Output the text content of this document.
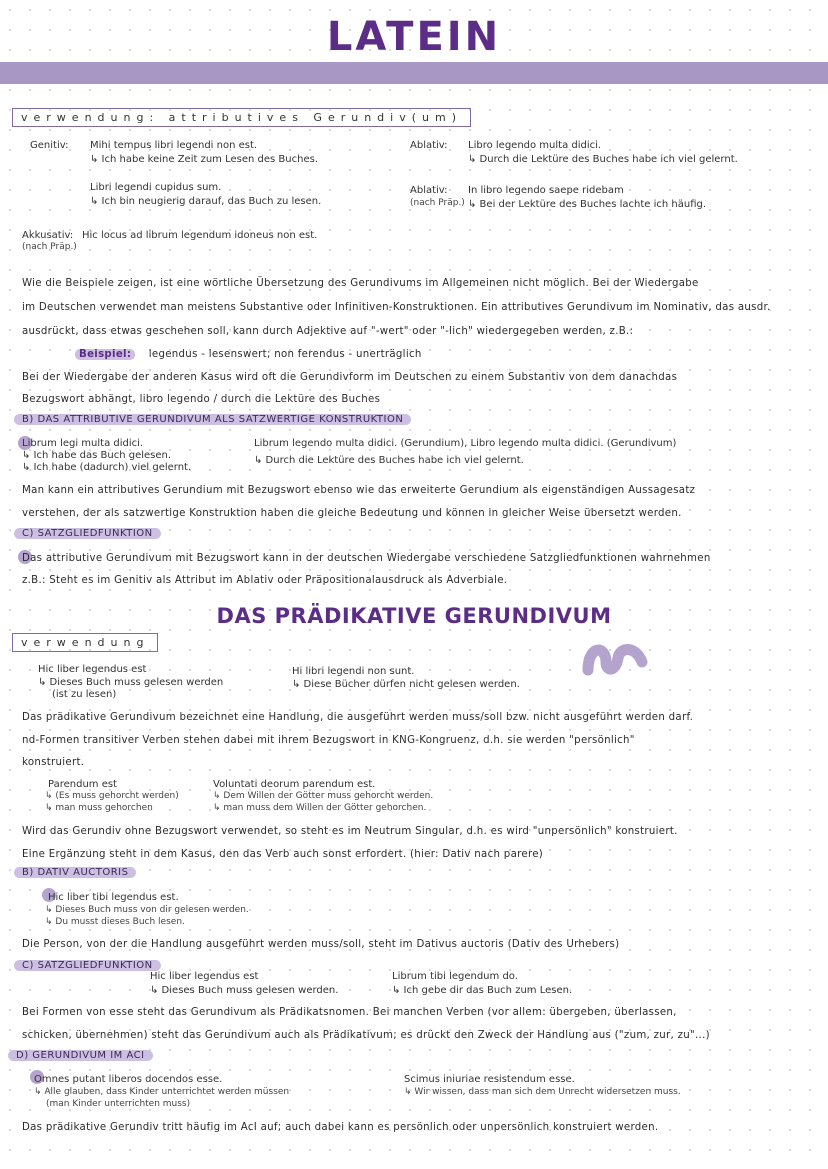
LATEIN
verwendung: attributives Gerundiv(um)
Genitiv: Mihi tempus libri legendi non est.
↳ Ich habe keine Zeit zum Lesen des Buches.
Libri legendi cupidus sum.
↳ Ich bin neugierig darauf, das Buch zu lesen.
Ablativ: Libro legendo multa didici.
↳ Durch die Lektüre des Buches habe ich viel gelernt.
Ablativ:
(nach Präp.)
In libro legendo saepe ridebam
↳ Bei der Lektüre des Buches lachte ich häufig.
Akkusativ:
(nach Präp.)
Hic locus ad librum legendum idoneus non est.
Wie die Beispiele zeigen, ist eine wörtliche Übersetzung des Gerundivums im Allgemeinen nicht möglich. Bei der Wiedergabe
im Deutschen verwendet man meistens Substantive oder Infinitiven-Konstruktionen. Ein attributives Gerundivum im Nominativ, das ausdr.
ausdrückt, dass etwas geschehen soll, kann durch Adjektive auf "-wert" oder "-lich" wiedergegeben werden, z.B.:
Beispiel: legendus - lesenswert; non ferendus - unerträglich
Bei der Wiedergabe der anderen Kasus wird oft die Gerundivform im Deutschen zu einem Substantiv von dem danachdas
Bezugswort abhängt, libro legendo / durch die Lektüre des Buches
B) DAS ATTRIBUTIVE GERUNDIVUM ALS SATZWERTIGE KONSTRUKTION
Librum legi multa didici.
↳ Ich habe das Buch gelesen.
↳ Ich habe (dadurch) viel gelernt.
Librum legendo multa didici. (Gerundium), Libro legendo multa didici. (Gerundivum)
↳ Durch die Lektüre des Buches habe ich viel gelernt.
Man kann ein attributives Gerundium mit Bezugswort ebenso wie das erweiterte Gerundium als eigenständigen Aussagesatz
verstehen, der als satzwertige Konstruktion haben die gleiche Bedeutung und können in gleicher Weise übersetzt werden.
C) SATZGLIEDFUNKTION
Das attributive Gerundivum mit Bezugswort kann in der deutschen Wiedergabe verschiedene Satzgliedfunktionen wahrnehmen
z.B.: Steht es im Genitiv als Attribut im Ablativ oder Präpositionalausdruck als Adverbiale.
DAS PRÄDIKATIVE GERUNDIVUM
verwendung
Hic liber legendus est
↳ Dieses Buch muss gelesen werden
(ist zu lesen)
Hi libri legendi non sunt.
↳ Diese Bücher dürfen nicht gelesen werden.
Das prädikative Gerundivum bezeichnet eine Handlung, die ausgeführt werden muss/soll bzw. nicht ausgeführt werden darf.
nd-Formen transitiver Verben stehen dabei mit ihrem Bezugswort in KNG-Kongruenz, d.h. sie werden "persönlich"
konstruiert.
Parendum est
↳ (Es muss gehorcht werden)
↳ man muss gehorchen
Voluntati deorum parendum est.
↳ Dem Willen der Götter muss gehorcht werden.
↳ man muss dem Willen der Götter gehorchen.
Wird das Gerundiv ohne Bezugswort verwendet, so steht es im Neutrum Singular, d.h. es wird "unpersönlich" konstruiert.
Eine Ergänzung steht in dem Kasus, den das Verb auch sonst erfordert. (hier: Dativ nach parere)
B) DATIV AUCTORIS
Hic liber tibi legendus est.
↳ Dieses Buch muss von dir gelesen werden.
↳ Du musst dieses Buch lesen.
Die Person, von der die Handlung ausgeführt werden muss/soll, steht im Dativus auctoris (Dativ des Urhebers)
C) SATZGLIEDFUNKTION
Hic liber legendus est
↳ Dieses Buch muss gelesen werden.
Librum tibi legendum do.
↳ Ich gebe dir das Buch zum Lesen.
Bei Formen von esse steht das Gerundivum als Prädikatsnomen. Bei manchen Verben (vor allem: übergeben, überlassen,
schicken, übernehmen) steht das Gerundivum auch als Prädikativum; es drückt den Zweck der Handlung aus ("zum, zur, zu"...)
D) GERUNDIVUM IM ACI
Omnes putant liberos docendos esse.
↳ Alle glauben, dass Kinder unterrichtet werden müssen
(man Kinder unterrichten muss)
Scimus iniuriae resistendum esse.
↳ Wir wissen, dass man sich dem Unrecht widersetzen muss.
Das prädikative Gerundiv tritt häufig im AcI auf; auch dabei kann es persönlich oder unpersönlich konstruiert werden.
